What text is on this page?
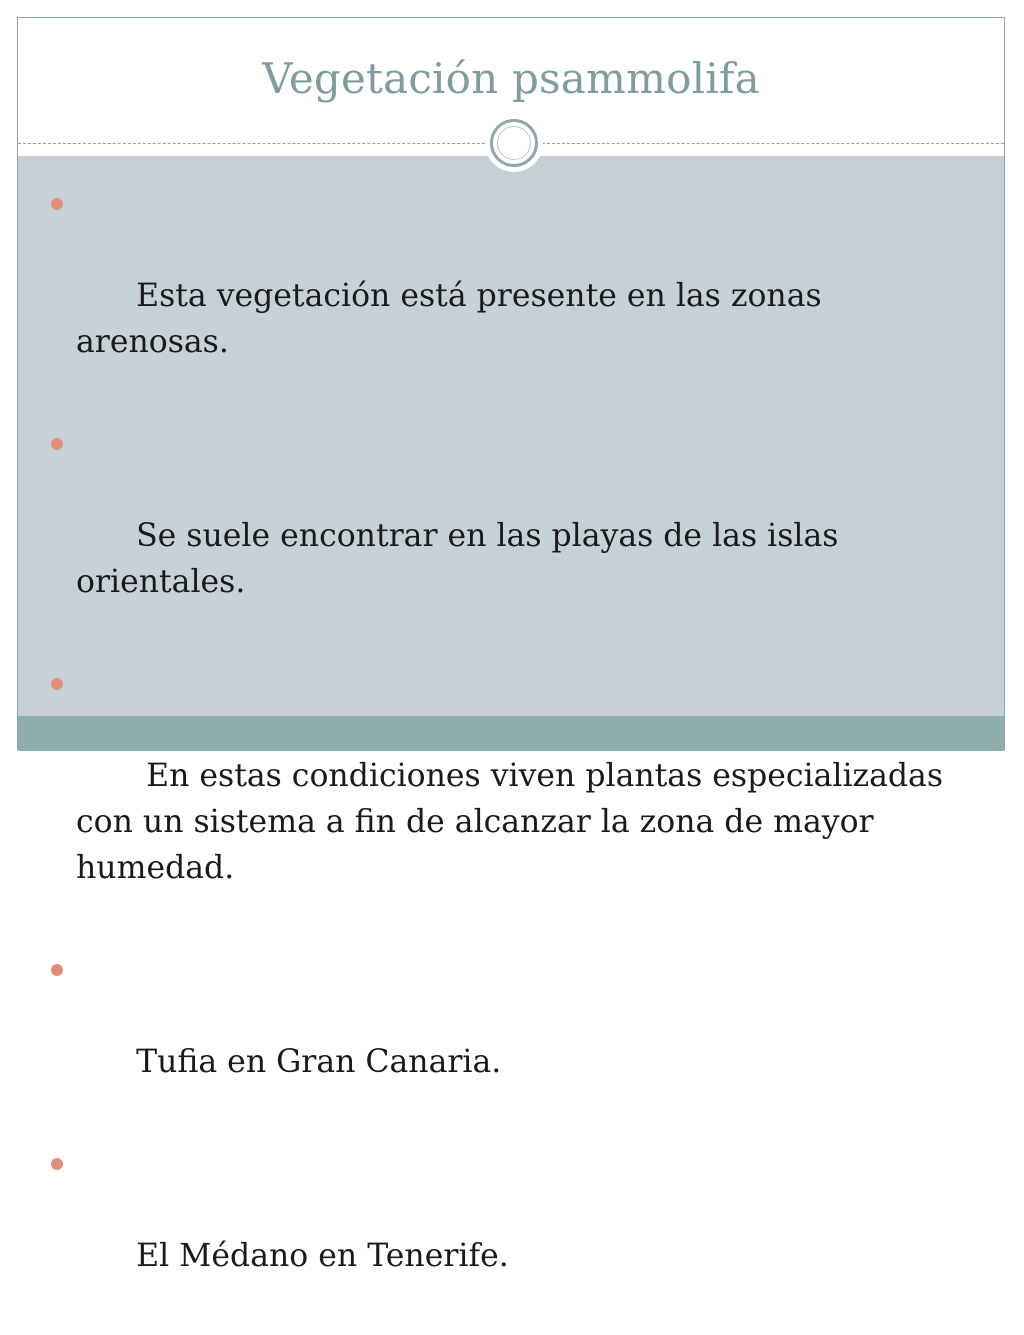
Vegetación psammolifa

Esta vegetación está presente en las zonas arenosas.

Se suele encontrar en las playas de las islas orientales.

En estas condiciones viven plantas especializadas con un sistema a fin de alcanzar la zona de mayor humedad.

Tufia en Gran Canaria.

El Médano en Tenerife.
